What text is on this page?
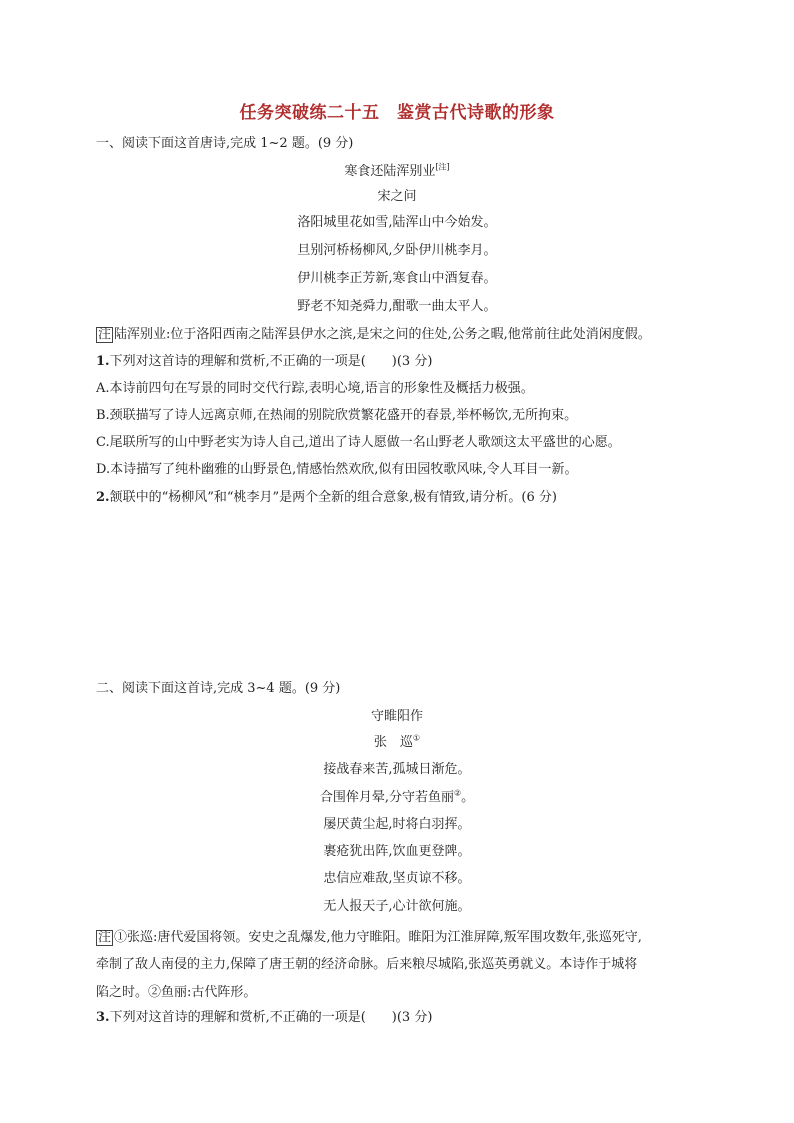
任务突破练二十五　鉴赏古代诗歌的形象
一、阅读下面这首唐诗,完成 1~2 题。(9 分)
寒食还陆浑别业[注]
宋之问
洛阳城里花如雪,陆浑山中今始发。
旦别河桥杨柳风,夕卧伊川桃李月。
伊川桃李正芳新,寒食山中酒复春。
野老不知尧舜力,酣歌一曲太平人。
注 陆浑别业:位于洛阳西南之陆浑县伊水之滨,是宋之问的住处,公务之暇,他常前往此处消闲度假。
1.下列对这首诗的理解和赏析,不正确的一项是(　　)(3 分)
A.本诗前四句在写景的同时交代行踪,表明心境,语言的形象性及概括力极强。
B.颈联描写了诗人远离京师,在热闹的别院欣赏繁花盛开的春景,举杯畅饮,无所拘束。
C.尾联所写的山中野老实为诗人自己,道出了诗人愿做一名山野老人歌颂这太平盛世的心愿。
D.本诗描写了纯朴幽雅的山野景色,情感怡然欢欣,似有田园牧歌风味,令人耳目一新。
2.颔联中的“杨柳风”和“桃李月”是两个全新的组合意象,极有情致,请分析。(6 分)
二、阅读下面这首诗,完成 3~4 题。(9 分)
守睢阳作
张　巡①
接战春来苦,孤城日渐危。
合围侔月晕,分守若鱼丽②。
屡厌黄尘起,时将白羽挥。
裹疮犹出阵,饮血更登陴。
忠信应难敌,坚贞谅不移。
无人报天子,心计欲何施。
注 ①张巡:唐代爱国将领。安史之乱爆发,他力守睢阳。睢阳为江淮屏障,叛军围攻数年,张巡死守,
牵制了敌人南侵的主力,保障了唐王朝的经济命脉。后来粮尽城陷,张巡英勇就义。本诗作于城将
陷之时。②鱼丽:古代阵形。
3.下列对这首诗的理解和赏析,不正确的一项是(　　)(3 分)
